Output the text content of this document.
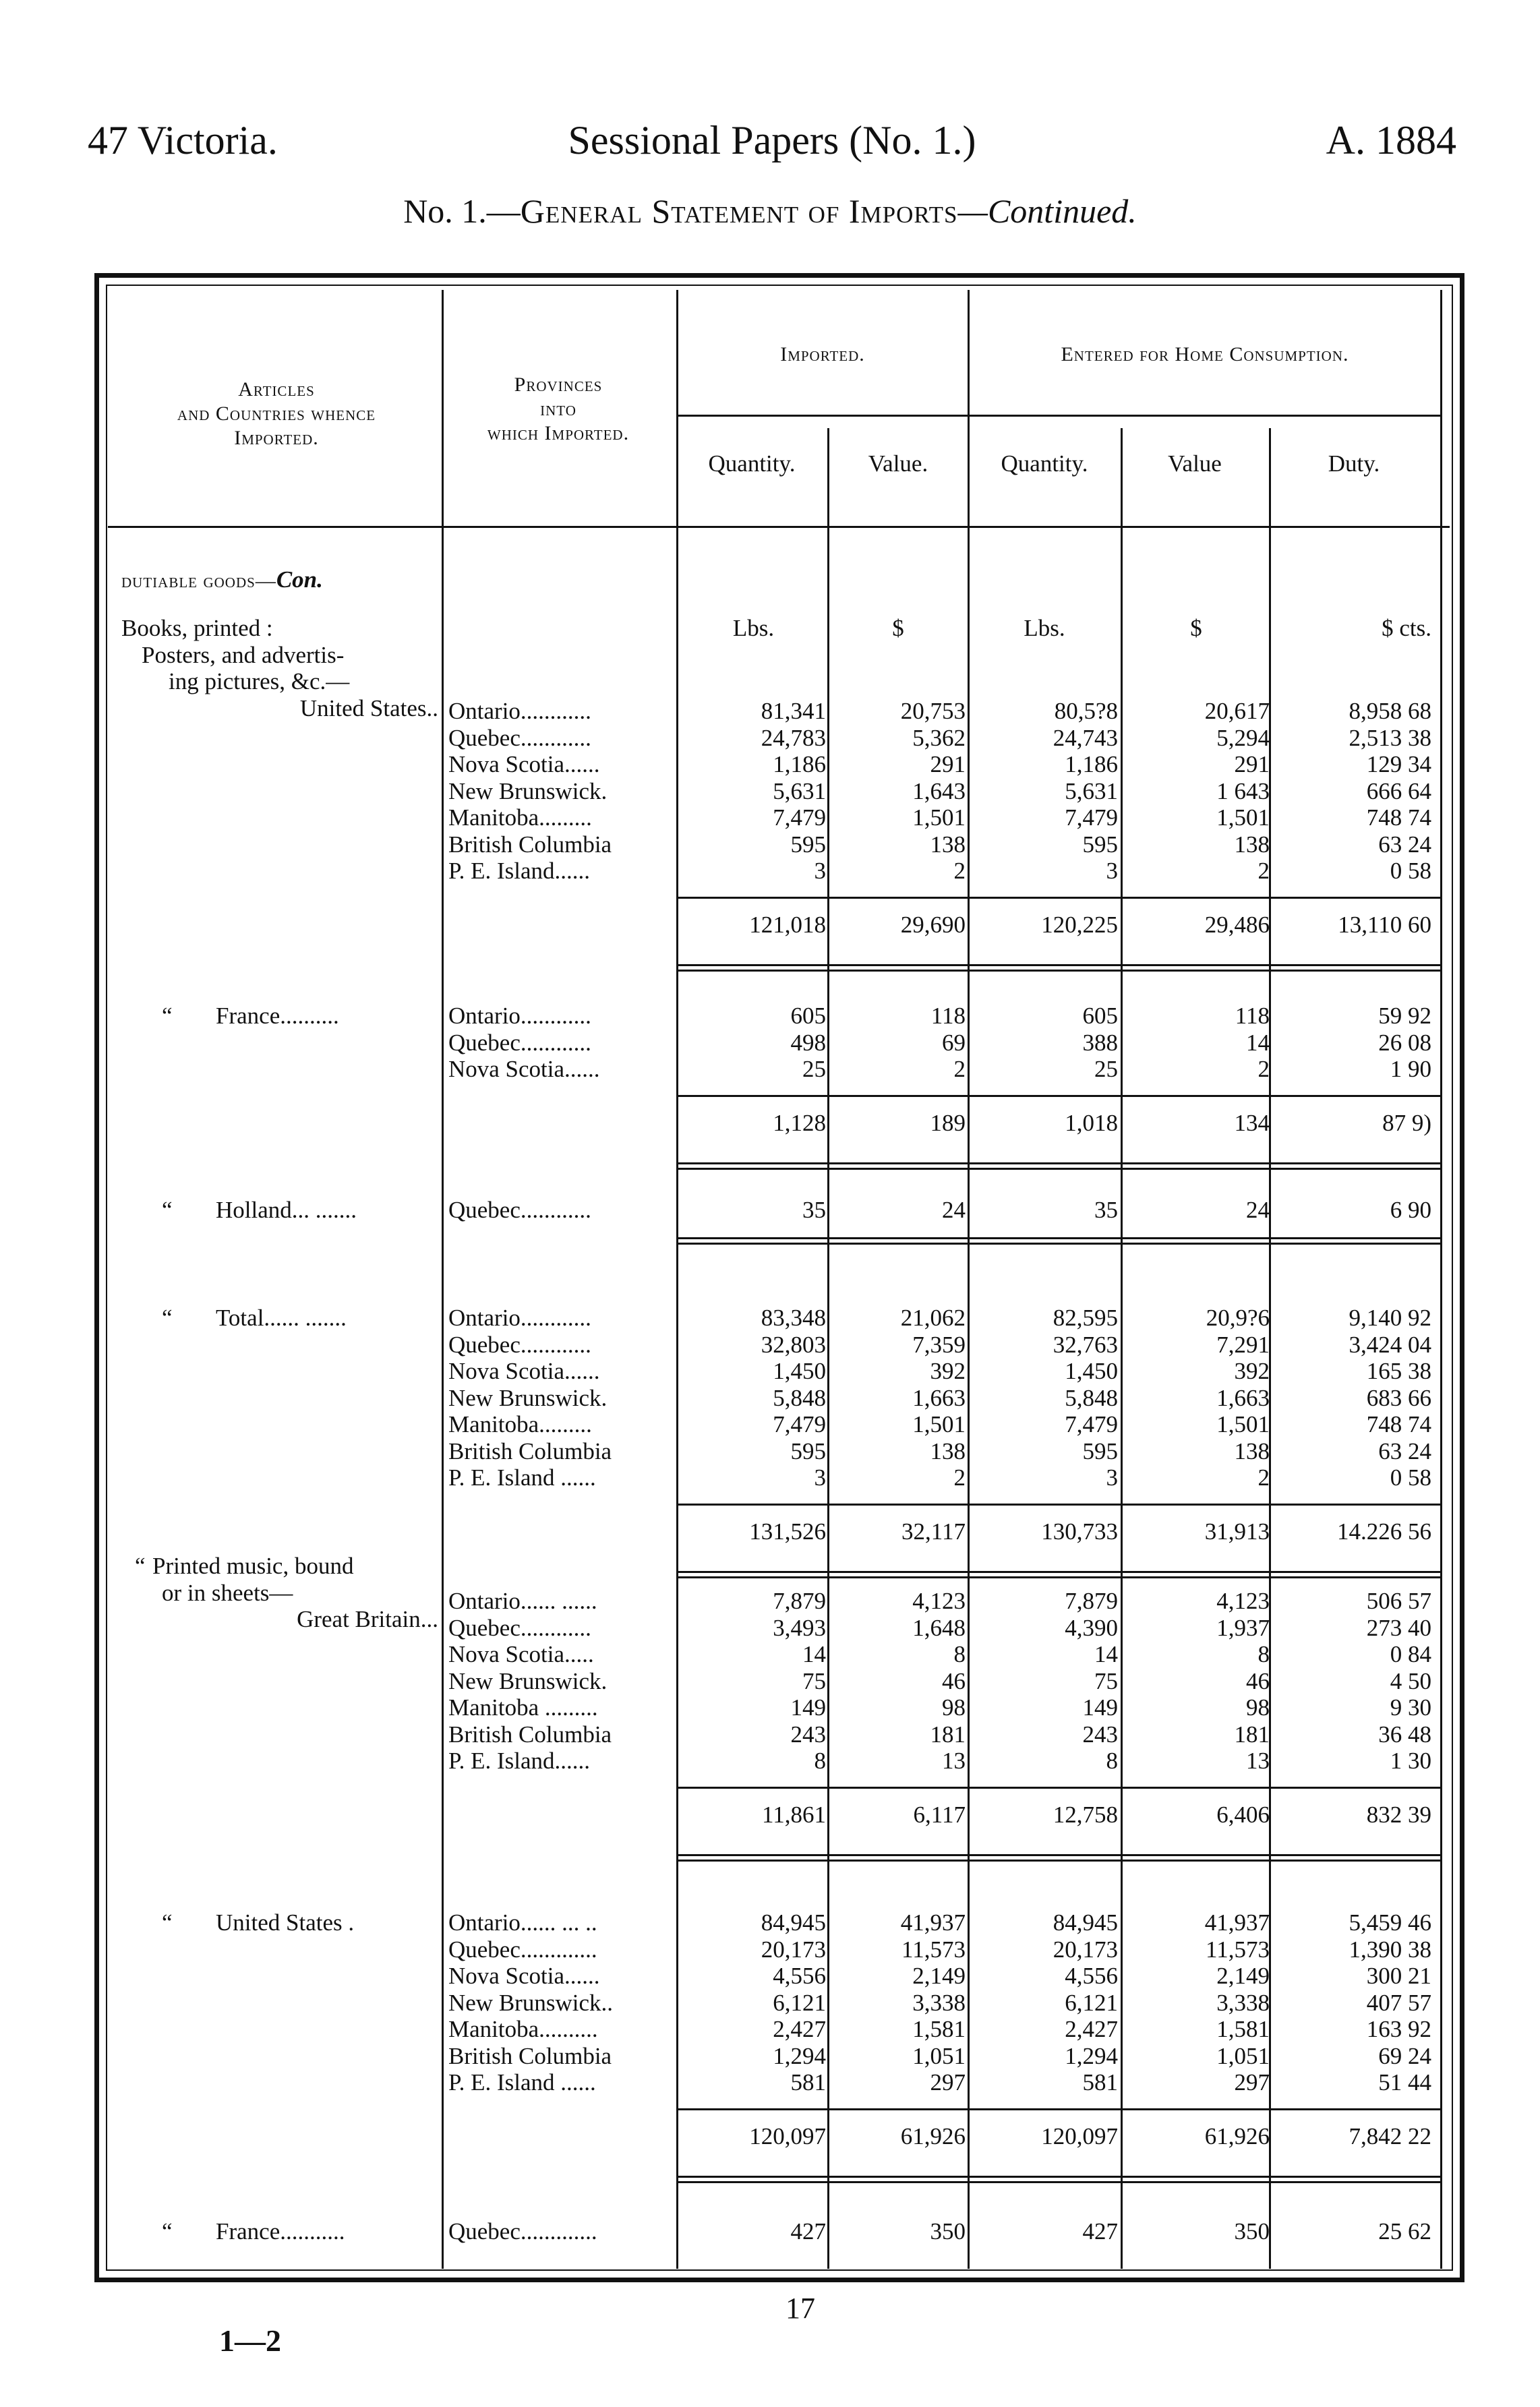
47 Victoria.	Sessional Papers (No. 1.)	A. 1884
No. 1.—General Statement of Imports—Continued.
Articles
and Countries whence
Imported.
Provinces
into
which Imported.
Imported.	Entered for Home Consumption.
Quantity.	Value.	Quantity.	Value	Duty.
dutiable goods—Con.
Lbs.	$	Lbs.	$	$ cts.
Books, printed :
Posters, and advertis-
ing pictures, &c.—
United States.. Ontario............	81,341	20,753	80,5?8	20,617	8,958 68
Quebec............	24,783	5,362	24,743	5,294	2,513 38
Nova Scotia......	1,186	291	1,186	291	129 34
New Brunswick.	5,631	1,643	5,631	1 643	666 64
Manitoba.........	7,479	1,501	7,479	1,501	748 74
British Columbia	595	138	595	138	63 24
P. E. Island......	3	2	3	2	0 58
121,018	29,690	120,225	29,486	13,110 60
“ France..........	Ontario............	605	118	605	118	59 92
Quebec............	498	69	388	14	26 08
Nova Scotia......	25	2	25	2	1 90
1,128	189	1,018	134	87 9)
“ Holland... .......	Quebec............	35	24	35	24	6 90
“ Total...... .......	Ontario............	83,348	21,062	82,595	20,9?6	9,140 92
Quebec............	32,803	7,359	32,763	7,291	3,424 04
Nova Scotia......	1,450	392	1,450	392	165 38
New Brunswick.	5,848	1,663	5,848	1,663	683 66
Manitoba.........	7,479	1,501	7,479	1,501	748 74
British Columbia	595	138	595	138	63 24
P. E. Island ......	3	2	3	2	0 58
131,526	32,117	130,733	31,913	14.226 56
“ Printed music, bound
or in sheets—
Great Britain...
Ontario...... ......	7,879	4,123	7,879	4,123	506 57
Quebec............	3,493	1,648	4,390	1,937	273 40
Nova Scotia.....	14	8	14	8	0 84
New Brunswick.	75	46	75	46	4 50
Manitoba .........	149	98	149	98	9 30
British Columbia	243	181	243	181	36 48
P. E. Island......	8	13	8	13	1 30
11,861	6,117	12,758	6,406	832 39
“ United States .	Ontario...... ... ..	84,945	41,937	84,945	41,937	5,459 46
Quebec.............	20,173	11,573	20,173	11,573	1,390 38
Nova Scotia......	4,556	2,149	4,556	2,149	300 21
New Brunswick..	6,121	3,338	6,121	3,338	407 57
Manitoba..........	2,427	1,581	2,427	1,581	163 92
British Columbia	1,294	1,051	1,294	1,051	69 24
P. E. Island ......	581	297	581	297	51 44
120,097	61,926	120,097	61,926	7,842 22
“ France...........	Quebec.............	427	350	427	350	25 62
17
1—2
